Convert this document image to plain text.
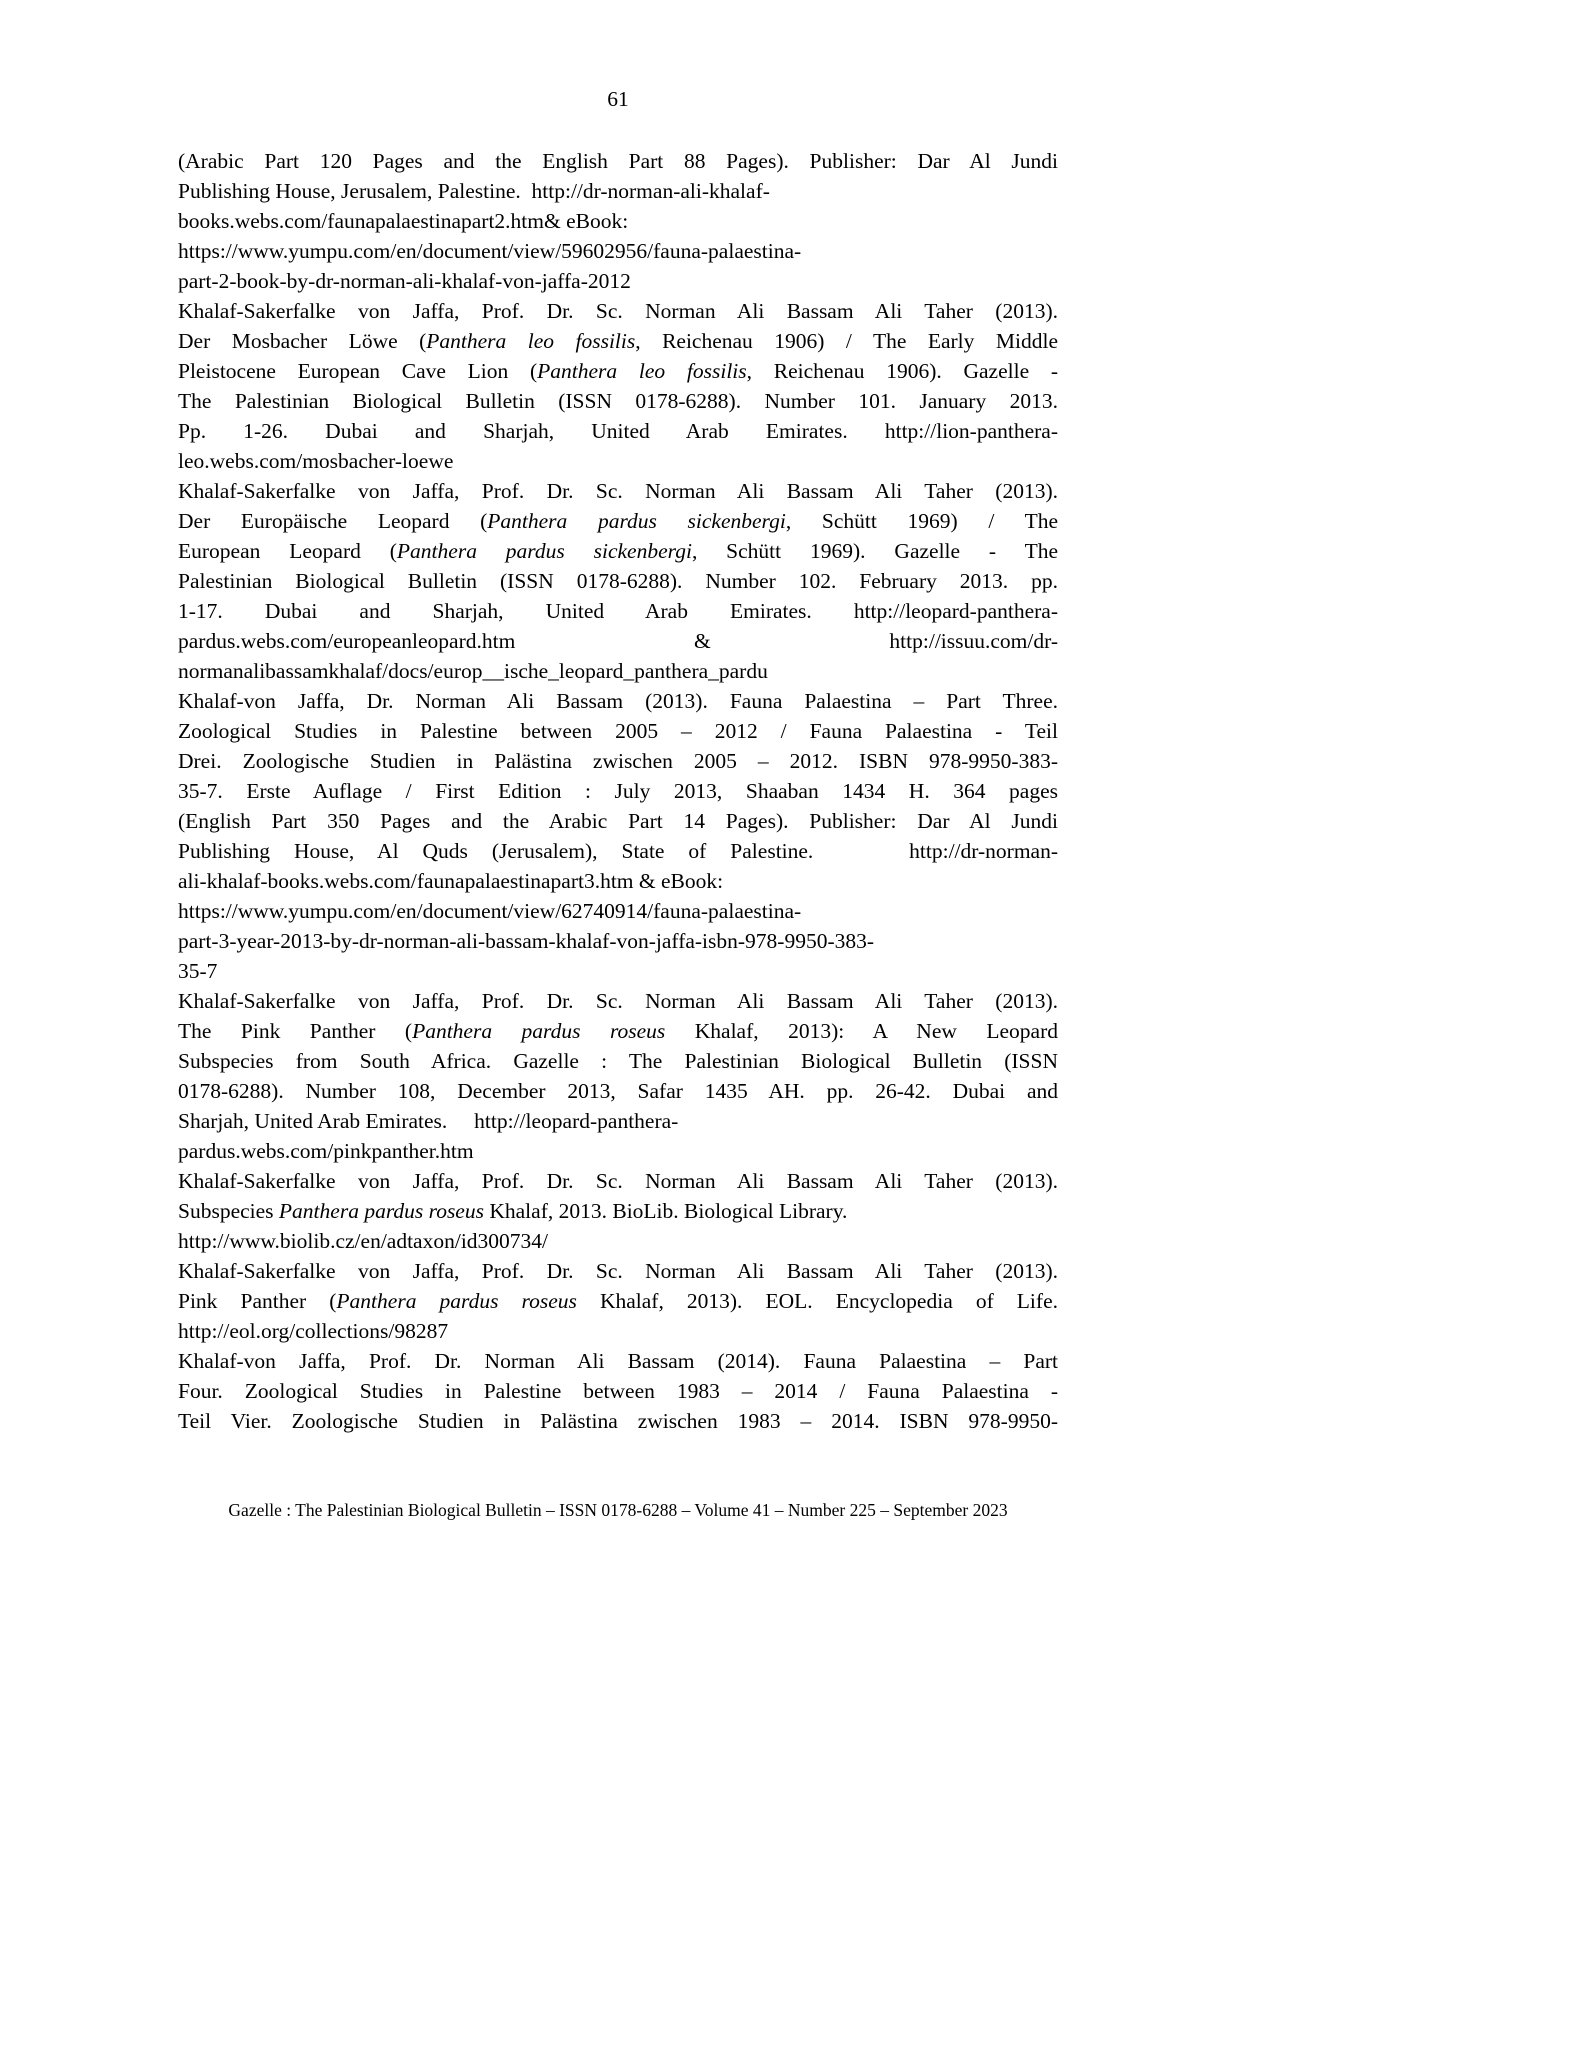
61
(Arabic Part 120 Pages and the English Part 88 Pages). Publisher: Dar Al Jundi
Publishing House, Jerusalem, Palestine.  http://dr-norman-ali-khalaf-
books.webs.com/faunapalaestinapart2.htm& eBook:
https://www.yumpu.com/en/document/view/59602956/fauna-palaestina-
part-2-book-by-dr-norman-ali-khalaf-von-jaffa-2012
Khalaf-Sakerfalke von Jaffa, Prof. Dr. Sc. Norman Ali Bassam Ali Taher (2013).
Der Mosbacher Löwe (Panthera leo fossilis, Reichenau 1906) / The Early Middle
Pleistocene European Cave Lion (Panthera leo fossilis, Reichenau 1906). Gazelle -
The Palestinian Biological Bulletin (ISSN 0178-6288). Number 101. January 2013.
Pp. 1-26. Dubai and Sharjah, United Arab Emirates. http://lion-panthera-
leo.webs.com/mosbacher-loewe
Khalaf-Sakerfalke von Jaffa, Prof. Dr. Sc. Norman Ali Bassam Ali Taher (2013).
Der Europäische Leopard (Panthera pardus sickenbergi, Schütt 1969) / The
European Leopard (Panthera pardus sickenbergi, Schütt 1969). Gazelle - The
Palestinian Biological Bulletin (ISSN 0178-6288). Number 102. February 2013. pp.
1-17. Dubai and Sharjah, United Arab Emirates. http://leopard-panthera-
pardus.webs.com/europeanleopard.htm & http://issuu.com/dr-
normanalibassamkhalaf/docs/europ__ische_leopard_panthera_pardu
Khalaf-von Jaffa, Dr. Norman Ali Bassam (2013). Fauna Palaestina – Part Three.
Zoological Studies in Palestine between 2005 – 2012 / Fauna Palaestina - Teil
Drei. Zoologische Studien in Palästina zwischen 2005 – 2012. ISBN 978-9950-383-
35-7. Erste Auflage / First Edition : July 2013, Shaaban 1434 H. 364 pages
(English Part 350 Pages and the Arabic Part 14 Pages). Publisher: Dar Al Jundi
Publishing House, Al Quds (Jerusalem), State of Palestine.    http://dr-norman-
ali-khalaf-books.webs.com/faunapalaestinapart3.htm & eBook:
https://www.yumpu.com/en/document/view/62740914/fauna-palaestina-
part-3-year-2013-by-dr-norman-ali-bassam-khalaf-von-jaffa-isbn-978-9950-383-
35-7
Khalaf-Sakerfalke von Jaffa, Prof. Dr. Sc. Norman Ali Bassam Ali Taher (2013).
The Pink Panther (Panthera pardus roseus Khalaf, 2013): A New Leopard
Subspecies from South Africa. Gazelle : The Palestinian Biological Bulletin (ISSN
0178-6288). Number 108, December 2013, Safar 1435 AH. pp. 26-42. Dubai and
Sharjah, United Arab Emirates.     http://leopard-panthera-
pardus.webs.com/pinkpanther.htm
Khalaf-Sakerfalke von Jaffa, Prof. Dr. Sc. Norman Ali Bassam Ali Taher (2013).
Subspecies Panthera pardus roseus Khalaf, 2013. BioLib. Biological Library.
http://www.biolib.cz/en/adtaxon/id300734/
Khalaf-Sakerfalke von Jaffa, Prof. Dr. Sc. Norman Ali Bassam Ali Taher (2013).
Pink Panther (Panthera pardus roseus Khalaf, 2013). EOL. Encyclopedia of Life.
http://eol.org/collections/98287
Khalaf-von Jaffa, Prof. Dr. Norman Ali Bassam (2014). Fauna Palaestina – Part
Four. Zoological Studies in Palestine between 1983 – 2014 / Fauna Palaestina -
Teil Vier. Zoologische Studien in Palästina zwischen 1983 – 2014. ISBN 978-9950-
Gazelle : The Palestinian Biological Bulletin – ISSN 0178-6288 – Volume 41 – Number 225 – September 2023
